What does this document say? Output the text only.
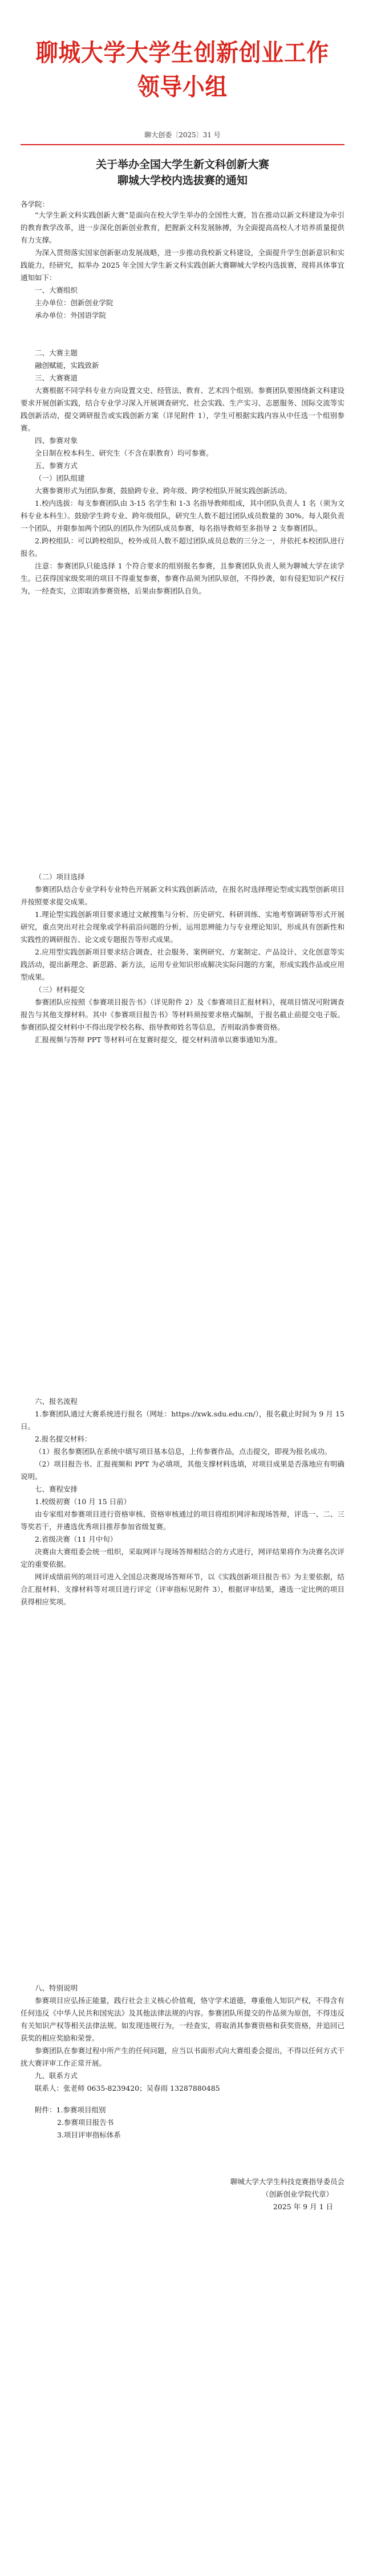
聊城大学大学生创新创业工作领导小组
聊大创委〔2025〕31 号
关于举办全国大学生新文科创新大赛
聊城大学校内选拔赛的通知
各学院：

“大学生新文科实践创新大赛”是面向在校大学生举办的全国性大赛，旨在推动以新文科建设为牵引的教育教学改革，进一步深化创新创业教育，把握新文科发展脉搏，为全面提高高校人才培养质量提供有力支撑。

为深入贯彻落实国家创新驱动发展战略，进一步推动我校新文科建设，全面提升学生创新意识和实践能力，经研究，拟举办 2025 年全国大学生新文科实践创新大赛聊城大学校内选拔赛，现将具体事宜通知如下：

一、大赛组织

主办单位：创新创业学院

承办单位：外国语学院

二、大赛主题

融创赋能，实践致新

三、大赛赛道

大赛根据不同学科专业方向设置文史、经管法、教育、艺术四个组别。参赛团队要围绕新文科建设要求开展创新实践，结合专业学习深入开展调查研究、社会实践、生产实习、志愿服务、国际交流等实践创新活动，提交调研报告或实践创新方案（详见附件 1），学生可根据实践内容从中任选一个组别参赛。

四、参赛对象

全日制在校本科生、研究生（不含在职教育）均可参赛。

五、参赛方式

（一）团队组建

大赛参赛形式为团队参赛，鼓励跨专业、跨年级、跨学校组队开展实践创新活动。

1.校内选拔：每支参赛团队由 3-15 名学生和 1-3 名指导教师组成，其中团队负责人 1 名（须为文科专业本科生）。鼓励学生跨专业、跨年级组队，研究生人数不超过团队成员数量的 30%。每人限负责一个团队，并限参加两个团队的团队作为团队成员参赛，每名指导教师至多指导 2 支参赛团队。

2.跨校组队：可以跨校组队，校外成员人数不超过团队成员总数的三分之一，并依托本校团队进行报名。

注意：参赛团队只能选择 1 个符合要求的组别报名参赛，且参赛团队负责人须为聊城大学在读学生。已获得国家级奖项的项目不得重复参赛，参赛作品须为团队原创，不得抄袭，如有侵犯知识产权行为，一经查实，立即取消参赛资格，后果由参赛团队自负。

（二）项目选择

参赛团队结合专业学科专业特色开展新文科实践创新活动，在报名时选择理论型或实践型创新项目并按照要求提交成果。

1.理论型实践创新项目要求通过文献搜集与分析、历史研究、科研训练、实地考察调研等形式开展研究，重点突出对社会现象或学科前沿问题的分析，运用思辨能力与专业理论知识，形成具有创新性和实践性的调研报告、论文或专题报告等形式成果。

2.应用型实践创新项目要求结合调查、社会服务、案例研究、方案制定、产品设计、文化创意等实践活动，提出新理念、新思路、新方法，运用专业知识形成解决实际问题的方案，形成实践作品或应用型成果。

（三）材料提交

参赛团队应按照《参赛项目报告书》（详见附件 2）及《参赛项目汇报材料》，视项目情况可附调查报告与其他支撑材料。其中《参赛项目报告书》等材料须按要求格式编制，于报名截止前提交电子版。参赛团队提交材料中不得出现学校名称、指导教师姓名等信息，否则取消参赛资格。

汇报视频与答辩 PPT 等材料可在复赛时提交，提交材料清单以赛事通知为准。

六、报名流程

1.参赛团队通过大赛系统进行报名（网址：https://xwk.sdu.edu.cn/），报名截止时间为 9 月 15 日。

2.报名提交材料：

（1）报名参赛团队在系统中填写项目基本信息，上传参赛作品，点击提交，即视为报名成功。

（2）项目报告书、汇报视频和 PPT 为必填项，其他支撑材料选填，对项目成果是否落地应有明确说明。

七、赛程安排

1.校级初赛（10 月 15 日前）

由专家组对参赛项目进行资格审核、资格审核通过的项目将组织网评和现场答辩，评选一、二、三等奖若干，并遴选优秀项目推荐参加省级复赛。

2.省级决赛（11 月中旬）

决赛由大赛组委会统一组织，采取网评与现场答辩相结合的方式进行，网评结果将作为决赛名次评定的重要依据。

网评成绩前列的项目可进入全国总决赛现场答辩环节，以《实践创新项目报告书》为主要依据，结合汇报材料、支撑材料等对项目进行评定（评审指标见附件 3），根据评审结果，遴选一定比例的项目获得相应奖项。

八、特别说明

参赛项目应弘扬正能量，践行社会主义核心价值观，恪守学术道德，尊重他人知识产权，不得含有任何违反《中华人民共和国宪法》及其他法律法规的内容。参赛团队所提交的作品须为原创，不得违反有关知识产权等相关法律法规。如发现违规行为，一经查实，将取消其参赛资格和获奖资格，并追回已获奖的相应奖励和荣誉。

参赛团队在参赛过程中所产生的任何问题，应当以书面形式向大赛组委会提出，不得以任何方式干扰大赛评审工作正常开展。

九、联系方式

联系人：张老师 0635-8239420；吴春雨 13287880485

附件：1.参赛项目组别

2.参赛项目报告书

3.项目评审指标体系

聊城大学大学生科技竞赛指导委员会
（创新创业学院代章）
2025 年 9 月 1 日
